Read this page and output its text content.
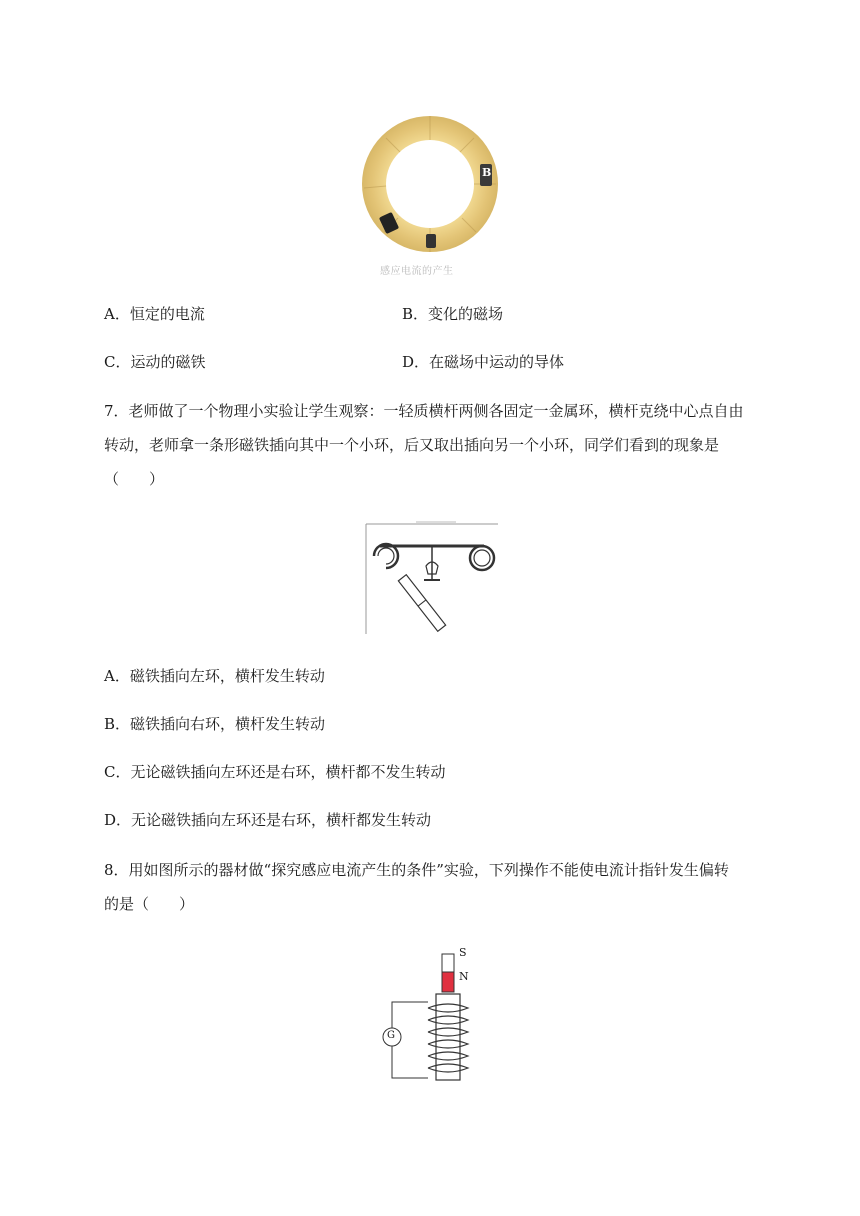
B
感应电流的产生
A．恒定的电流	B．变化的磁场
C．运动的磁铁	D．在磁场中运动的导体
7．老师做了一个物理小实验让学生观察：一轻质横杆两侧各固定一金属环，横杆克绕中心点自由
转动，老师拿一条形磁铁插向其中一个小环，后又取出插向另一个小环，同学们看到的现象是
（　　）
A．磁铁插向左环，横杆发生转动
B．磁铁插向右环，横杆发生转动
C．无论磁铁插向左环还是右环，横杆都不发生转动
D．无论磁铁插向左环还是右环，横杆都发生转动
8．用如图所示的器材做“探究感应电流产生的条件”实验，下列操作不能使电流计指针发生偏转
的是（　　）
S
N
G
